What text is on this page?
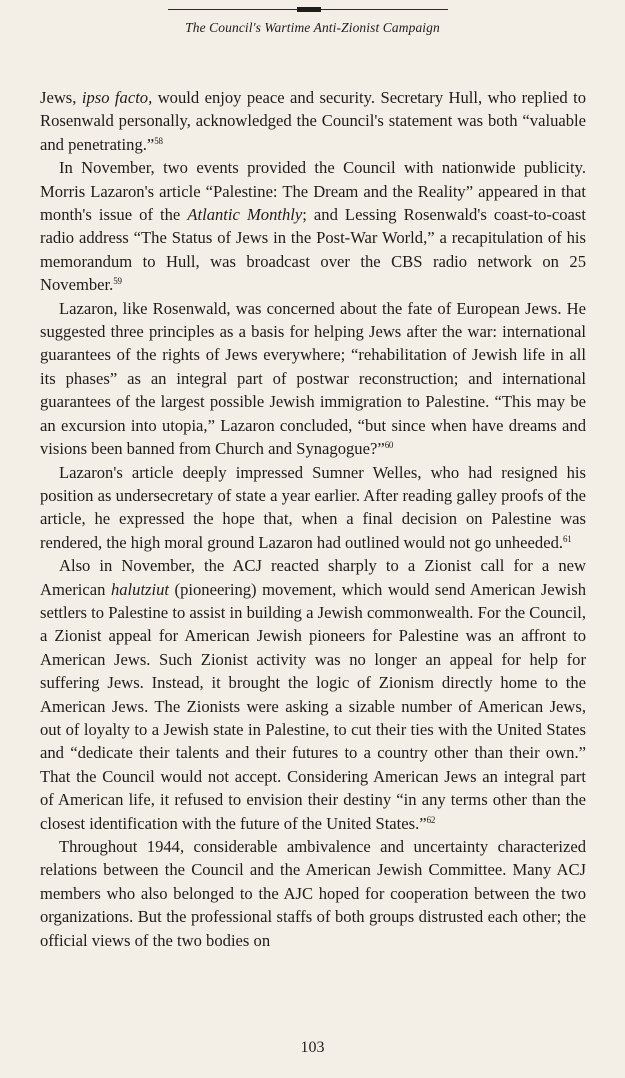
The Council's Wartime Anti-Zionist Campaign

Jews, ipso facto, would enjoy peace and security. Secretary Hull, who replied to Rosenwald personally, acknowledged the Council's statement was both “valuable and penetrating.”$^{58}$

In November, two events provided the Council with nationwide publicity. Morris Lazaron's article “Palestine: The Dream and the Reality” appeared in that month's issue of the Atlantic Monthly; and Lessing Rosenwald's coast-to-coast radio address “The Status of Jews in the Post-War World,” a recapitulation of his memorandum to Hull, was broadcast over the CBS radio network on 25 November.$^{59}$

Lazaron, like Rosenwald, was concerned about the fate of European Jews. He suggested three principles as a basis for helping Jews after the war: international guarantees of the rights of Jews everywhere; “rehabilitation of Jewish life in all its phases” as an integral part of postwar reconstruction; and international guarantees of the largest possible Jewish immigration to Palestine. “This may be an excursion into utopia,” Lazaron concluded, “but since when have dreams and visions been banned from Church and Synagogue?”$^{60}$

Lazaron's article deeply impressed Sumner Welles, who had resigned his position as undersecretary of state a year earlier. After reading galley proofs of the article, he expressed the hope that, when a final decision on Palestine was rendered, the high moral ground Lazaron had outlined would not go unheeded.$^{61}$

Also in November, the ACJ reacted sharply to a Zionist call for a new American halutziut (pioneering) movement, which would send American Jewish settlers to Palestine to assist in building a Jewish commonwealth. For the Council, a Zionist appeal for American Jewish pioneers for Palestine was an affront to American Jews. Such Zionist activity was no longer an appeal for help for suffering Jews. Instead, it brought the logic of Zionism directly home to the American Jews. The Zionists were asking a sizable number of American Jews, out of loyalty to a Jewish state in Palestine, to cut their ties with the United States and “dedicate their talents and their futures to a country other than their own.” That the Council would not accept. Considering American Jews an integral part of American life, it refused to envision their destiny “in any terms other than the closest identification with the future of the United States.”$^{62}$

Throughout 1944, considerable ambivalence and uncertainty characterized relations between the Council and the American Jewish Committee. Many ACJ members who also belonged to the AJC hoped for cooperation between the two organizations. But the professional staffs of both groups distrusted each other; the official views of the two bodies on

103
